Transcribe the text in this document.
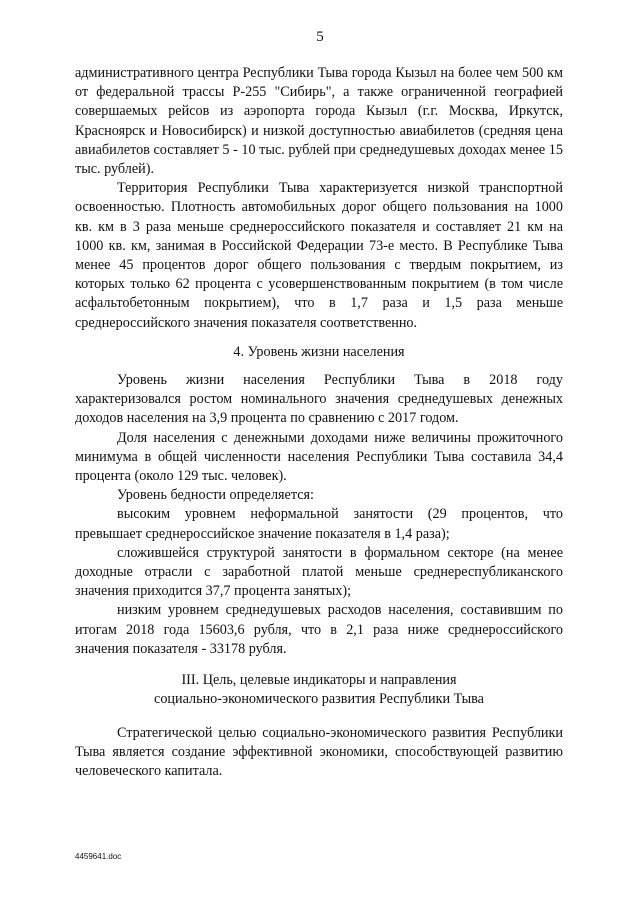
5

административного центра Республики Тыва города Кызыл на более чем 500 км от федеральной трассы Р-255 "Сибирь", а также ограниченной географией совершаемых рейсов из аэропорта города Кызыл (г.г. Москва, Иркутск, Красноярск и Новосибирск) и низкой доступностью авиабилетов (средняя цена авиабилетов составляет 5 - 10 тыс. рублей при среднедушевых доходах менее 15 тыс. рублей).

Территория Республики Тыва характеризуется низкой транспортной освоенностью. Плотность автомобильных дорог общего пользования на 1000 кв. км в 3 раза меньше среднероссийского показателя и составляет 21 км на 1000 кв. км, занимая в Российской Федерации 73-е место. В Республике Тыва менее 45 процентов дорог общего пользования с твердым покрытием, из которых только 62 процента с усовершенствованным покрытием (в том числе асфальтобетонным покрытием), что в 1,7 раза и 1,5 раза меньше среднероссийского значения показателя соответственно.

4. Уровень жизни населения

Уровень жизни населения Республики Тыва в 2018 году характеризовался ростом номинального значения среднедушевых денежных доходов населения на 3,9 процента по сравнению с 2017 годом.

Доля населения с денежными доходами ниже величины прожиточного минимума в общей численности населения Республики Тыва составила 34,4 процента (около 129 тыс. человек).

Уровень бедности определяется:

высоким уровнем неформальной занятости (29 процентов, что превышает среднероссийское значение показателя в 1,4 раза);

сложившейся структурой занятости в формальном секторе (на менее доходные отрасли с заработной платой меньше среднереспубликанского значения приходится 37,7 процента занятых);

низким уровнем среднедушевых расходов населения, составившим по итогам 2018 года 15603,6 рубля, что в 2,1 раза ниже среднероссийского значения показателя - 33178 рубля.

III. Цель, целевые индикаторы и направления
социально-экономического развития Республики Тыва

Стратегической целью социально-экономического развития Республики Тыва является создание эффективной экономики, способствующей развитию человеческого капитала.

4459641.doc
